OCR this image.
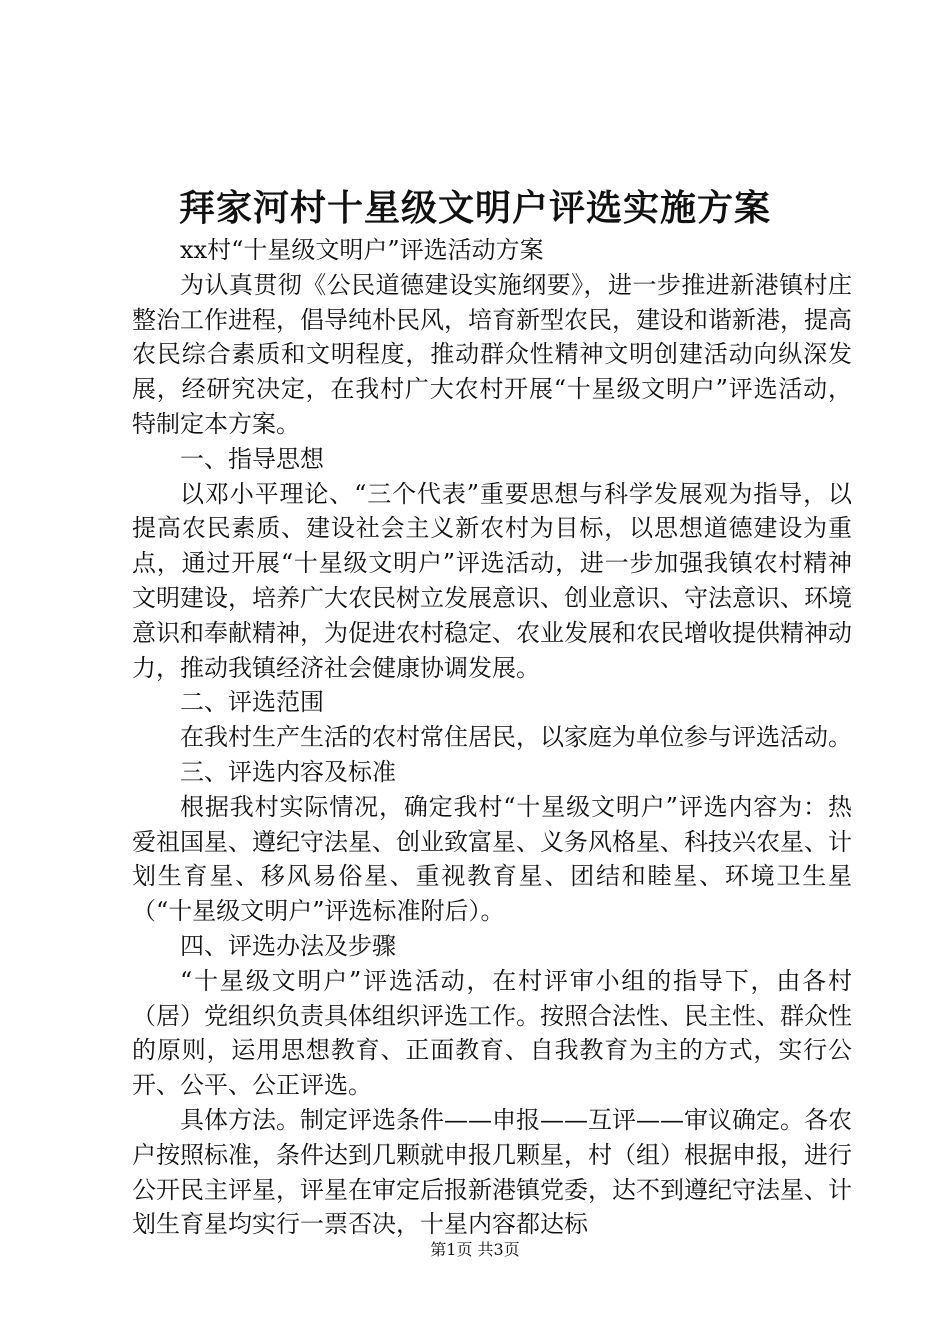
拜家河村十星级文明户评选实施方案

xx村“十星级文明户”评选活动方案

为认真贯彻《公民道德建设实施纲要》，进一步推进新港镇村庄整治工作进程，倡导纯朴民风，培育新型农民，建设和谐新港，提高农民综合素质和文明程度，推动群众性精神文明创建活动向纵深发展，经研究决定，在我村广大农村开展“十星级文明户”评选活动，特制定本方案。

一、指导思想

以邓小平理论、“三个代表”重要思想与科学发展观为指导，以提高农民素质、建设社会主义新农村为目标，以思想道德建设为重点，通过开展“十星级文明户”评选活动，进一步加强我镇农村精神文明建设，培养广大农民树立发展意识、创业意识、守法意识、环境意识和奉献精神，为促进农村稳定、农业发展和农民增收提供精神动力，推动我镇经济社会健康协调发展。

二、评选范围

在我村生产生活的农村常住居民，以家庭为单位参与评选活动。

三、评选内容及标准

根据我村实际情况，确定我村“十星级文明户”评选内容为：热爱祖国星、遵纪守法星、创业致富星、义务风格星、科技兴农星、计划生育星、移风易俗星、重视教育星、团结和睦星、环境卫生星（“十星级文明户”评选标准附后）。

四、评选办法及步骤

“十星级文明户”评选活动，在村评审小组的指导下，由各村（居）党组织负责具体组织评选工作。按照合法性、民主性、群众性的原则，运用思想教育、正面教育、自我教育为主的方式，实行公开、公平、公正评选。

具体方法。制定评选条件——申报——互评——审议确定。各农户按照标准，条件达到几颗就申报几颗星，村（组）根据申报，进行公开民主评星，评星在审定后报新港镇党委，达不到遵纪守法星、计划生育星均实行一票否决，十星内容都达标

第1页 共3页
